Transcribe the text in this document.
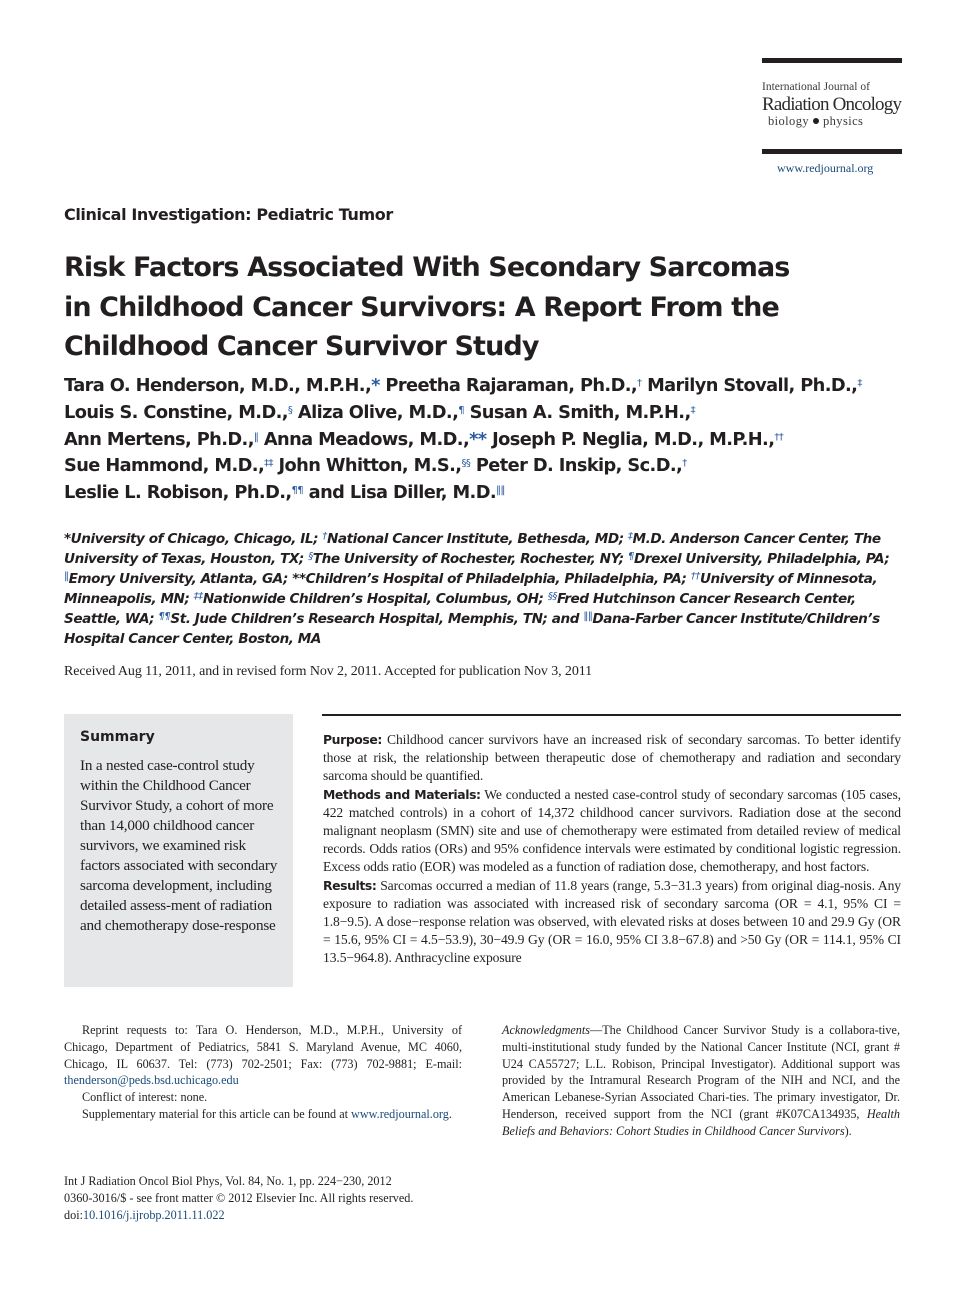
International Journal of
Radiation Oncology
biology physics
www.redjournal.org
Clinical Investigation: Pediatric Tumor
Risk Factors Associated With Secondary Sarcomas in Childhood Cancer Survivors: A Report From the Childhood Cancer Survivor Study
Tara O. Henderson, M.D., M.P.H.,* Preetha Rajaraman, Ph.D.,† Marilyn Stovall, Ph.D.,‡
Louis S. Constine, M.D.,§ Aliza Olive, M.D.,¶ Susan A. Smith, M.P.H.,‡
Ann Mertens, Ph.D.,‖ Anna Meadows, M.D.,** Joseph P. Neglia, M.D., M.P.H.,††
Sue Hammond, M.D.,‡‡ John Whitton, M.S.,§§ Peter D. Inskip, Sc.D.,†
Leslie L. Robison, Ph.D.,¶¶ and Lisa Diller, M.D.‖‖
*University of Chicago, Chicago, IL; †National Cancer Institute, Bethesda, MD; ‡M.D. Anderson Cancer Center, The University of Texas, Houston, TX; §The University of Rochester, Rochester, NY; ¶Drexel University, Philadelphia, PA; ‖Emory University, Atlanta, GA; **Children’s Hospital of Philadelphia, Philadelphia, PA; ††University of Minnesota, Minneapolis, MN; ‡‡Nationwide Children’s Hospital, Columbus, OH; §§Fred Hutchinson Cancer Research Center, Seattle, WA; ¶¶St. Jude Children’s Research Hospital, Memphis, TN; and ‖‖Dana-Farber Cancer Institute/Children’s Hospital Cancer Center, Boston, MA
Received Aug 11, 2011, and in revised form Nov 2, 2011. Accepted for publication Nov 3, 2011
Summary
In a nested case-control study within the Childhood Cancer Survivor Study, a cohort of more than 14,000 childhood cancer survivors, we examined risk factors associated with secondary sarcoma development, including detailed assess-ment of radiation and chemotherapy dose-response

Purpose: Childhood cancer survivors have an increased risk of secondary sarcomas. To better identify those at risk, the relationship between therapeutic dose of chemotherapy and radiation and secondary sarcoma should be quantified.

Methods and Materials: We conducted a nested case-control study of secondary sarcomas (105 cases, 422 matched controls) in a cohort of 14,372 childhood cancer survivors. Radiation dose at the second malignant neoplasm (SMN) site and use of chemotherapy were estimated from detailed review of medical records. Odds ratios (ORs) and 95% confidence intervals were estimated by conditional logistic regression. Excess odds ratio (EOR) was modeled as a function of radiation dose, chemotherapy, and host factors.

Results: Sarcomas occurred a median of 11.8 years (range, 5.3−31.3 years) from original diag-nosis. Any exposure to radiation was associated with increased risk of secondary sarcoma (OR = 4.1, 95% CI = 1.8−9.5). A dose−response relation was observed, with elevated risks at doses between 10 and 29.9 Gy (OR = 15.6, 95% CI = 4.5−53.9), 30−49.9 Gy (OR = 16.0, 95% CI 3.8−67.8) and >50 Gy (OR = 114.1, 95% CI 13.5−964.8). Anthracycline exposure

Reprint requests to: Tara O. Henderson, M.D., M.P.H., University of Chicago, Department of Pediatrics, 5841 S. Maryland Avenue, MC 4060, Chicago, IL 60637. Tel: (773) 702-2501; Fax: (773) 702-9881; E-mail: thenderson@peds.bsd.uchicago.edu

Conflict of interest: none.

Supplementary material for this article can be found at www.redjournal.org.

Acknowledgments—The Childhood Cancer Survivor Study is a collabora-tive, multi-institutional study funded by the National Cancer Institute (NCI, grant # U24 CA55727; L.L. Robison, Principal Investigator). Additional support was provided by the Intramural Research Program of the NIH and NCI, and the American Lebanese-Syrian Associated Chari-ties. The primary investigator, Dr. Henderson, received support from the NCI (grant #K07CA134935, Health Beliefs and Behaviors: Cohort Studies in Childhood Cancer Survivors).

Int J Radiation Oncol Biol Phys, Vol. 84, No. 1, pp. 224−230, 2012
0360-3016/$ - see front matter © 2012 Elsevier Inc. All rights reserved.
doi:10.1016/j.ijrobp.2011.11.022
